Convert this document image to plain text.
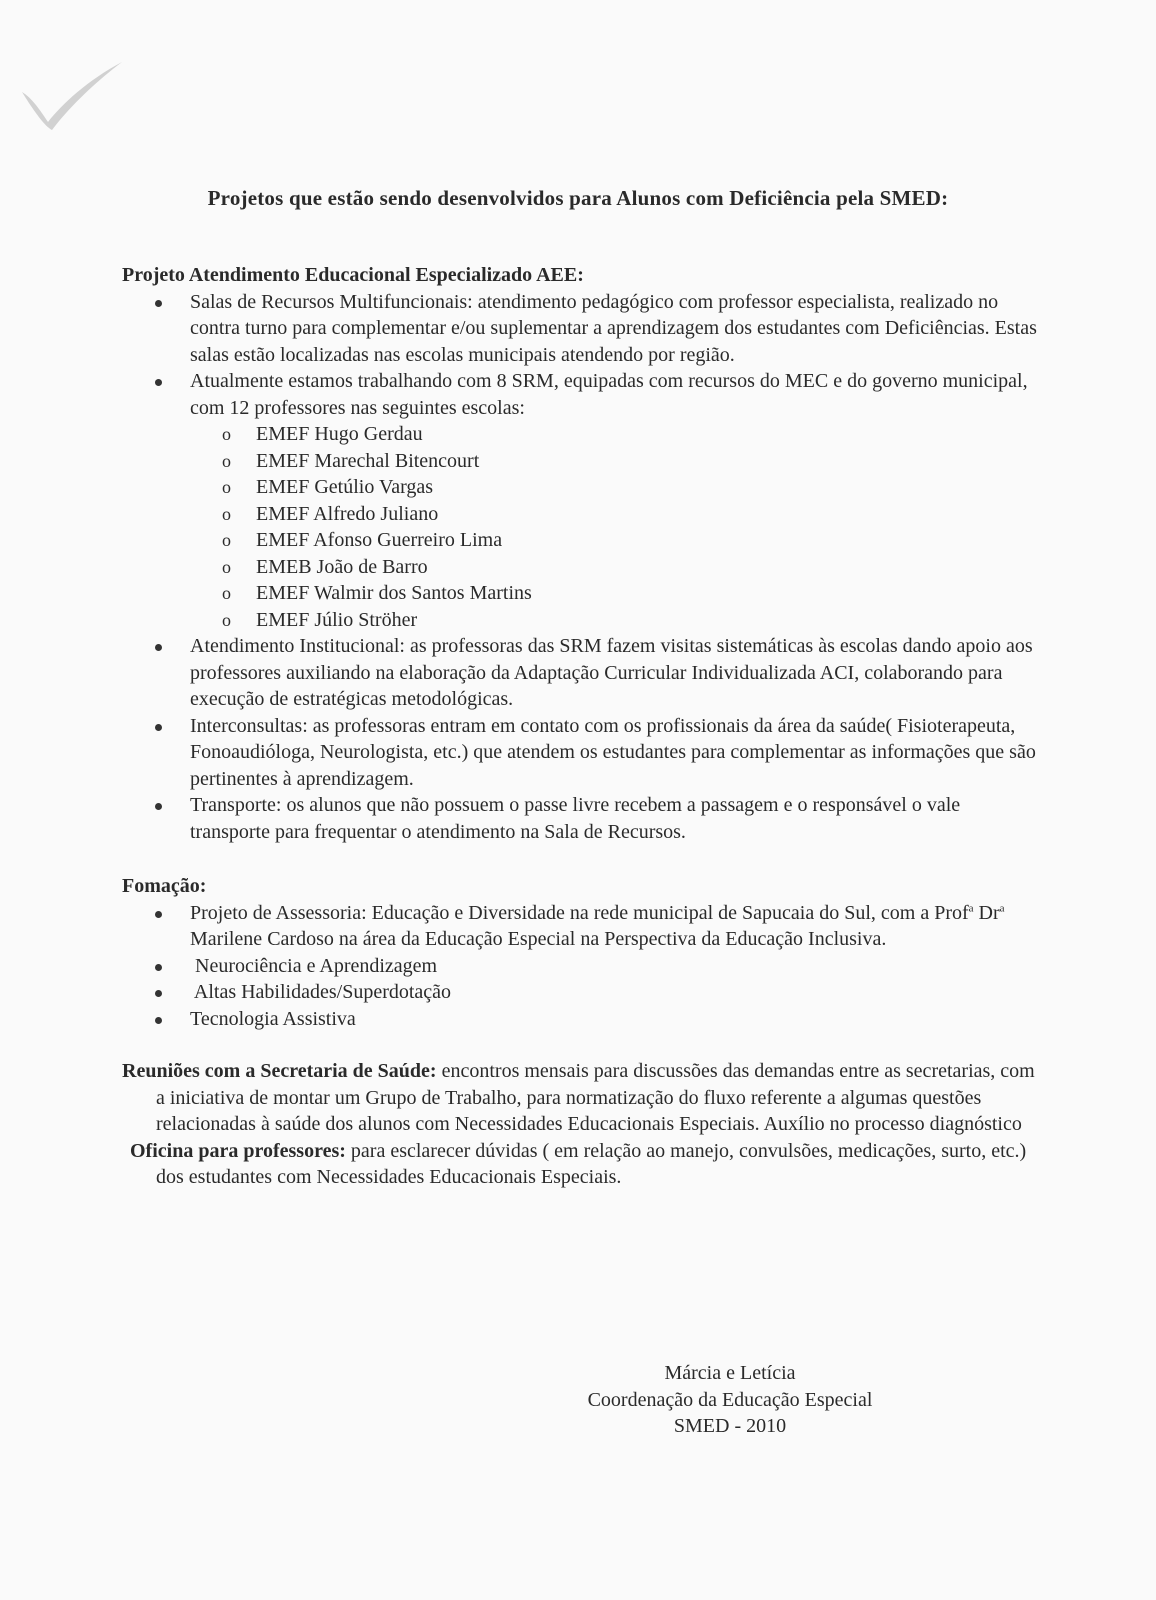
Projetos que estão sendo desenvolvidos para Alunos com Deficiência pela SMED:

Projeto Atendimento Educacional Especializado AEE:

Salas de Recursos Multifuncionais: atendimento pedagógico com professor especialista, realizado no contra turno para complementar e/ou suplementar a aprendizagem dos estudantes com Deficiências. Estas salas estão localizadas nas escolas municipais atendendo por região.
Atualmente estamos trabalhando com 8 SRM, equipadas com recursos do MEC e do governo municipal, com 12 professores nas seguintes escolas:
o EMEF Hugo Gerdau
o EMEF Marechal Bitencourt
o EMEF Getúlio Vargas
o EMEF Alfredo Juliano
o EMEF Afonso Guerreiro Lima
o EMEB João de Barro
o EMEF Walmir dos Santos Martins
o EMEF Júlio Ströher
Atendimento Institucional: as professoras das SRM fazem visitas sistemáticas às escolas dando apoio aos professores auxiliando na elaboração da Adaptação Curricular Individualizada ACI, colaborando para execução de estratégicas metodológicas.
Interconsultas: as professoras entram em contato com os profissionais da área da saúde( Fisioterapeuta, Fonoaudióloga, Neurologista, etc.) que atendem os estudantes para complementar as informações que são pertinentes à aprendizagem.
Transporte: os alunos que não possuem o passe livre recebem a passagem e o responsável o vale transporte para frequentar o atendimento na Sala de Recursos.

Fomação:

Projeto de Assessoria: Educação e Diversidade na rede municipal de Sapucaia do Sul, com a Prof$^a$ Dr$^a$ Marilene Cardoso na área da Educação Especial na Perspectiva da Educação Inclusiva.
Neurociência e Aprendizagem
Altas Habilidades/Superdotação
Tecnologia Assistiva

Reuniões com a Secretaria de Saúde: encontros mensais para discussões das demandas entre as secretarias, com a iniciativa de montar um Grupo de Trabalho, para normatização do fluxo referente a algumas questões relacionadas à saúde dos alunos com Necessidades Educacionais Especiais. Auxílio no processo diagnóstico

Oficina para professores: para esclarecer dúvidas ( em relação ao manejo, convulsões, medicações, surto, etc.) dos estudantes com Necessidades Educacionais Especiais.

Márcia e Letícia
Coordenação da Educação Especial
SMED - 2010
